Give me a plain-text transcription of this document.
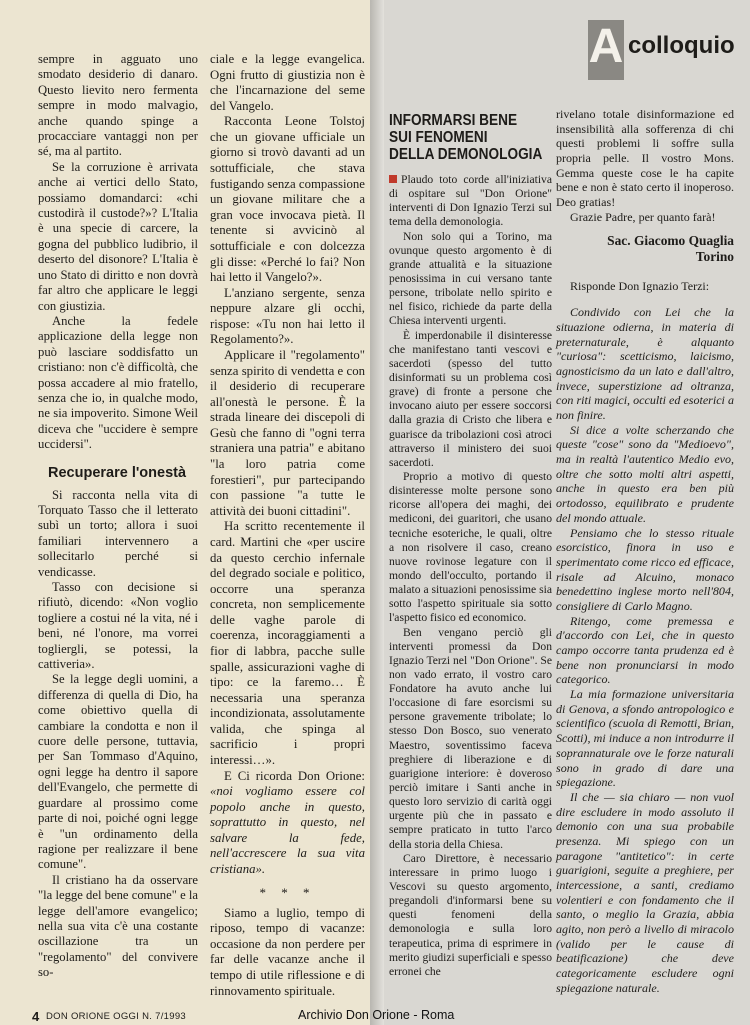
A colloquio

sempre in agguato uno smodato desiderio di danaro. Questo lievito nero fermenta sempre in modo malvagio, anche quando spinge a procacciare vantaggi non per sé, ma al partito.

Se la corruzione è arrivata anche ai vertici dello Stato, possiamo domandarci: «chi custodirà il custode?»? L'Italia è una specie di carcere, la gogna del pubblico ludibrio, il deserto del disonore? L'Italia è uno Stato di diritto e non dovrà far altro che applicare le leggi con giustizia.

Anche la fedele applicazione della legge non può lasciare soddisfatto un cristiano: non c'è difficoltà, che possa accadere al mio fratello, senza che io, in qualche modo, ne sia impoverito. Simone Weil diceva che "uccidere è sempre uccidersi".

Recuperare l'onestà

Si racconta nella vita di Torquato Tasso che il letterato subì un torto; allora i suoi familiari intervennero a sollecitarlo perché si vendicasse.

Tasso con decisione si rifiutò, dicendo: «Non voglio togliere a costui né la vita, né i beni, né l'onore, ma vorrei togliergli, se potessi, la cattiveria».

Se la legge degli uomini, a differenza di quella di Dio, ha come obiettivo quella di cambiare la condotta e non il cuore delle persone, tuttavia, per San Tommaso d'Aquino, ogni legge ha dentro il sapore dell'Evangelo, che permette di guardare al prossimo come parte di noi, poiché ogni legge è "un ordinamento della ragione per realizzare il bene comune".

Il cristiano ha da osservare "la legge del bene comune" e la legge dell'amore evangelico; nella sua vita c'è una costante oscillazione tra un "regolamento" del convivere so-

ciale e la legge evangelica. Ogni frutto di giustizia non è che l'incarnazione del seme del Vangelo.

Racconta Leone Tolstoj che un giovane ufficiale un giorno si trovò davanti ad un sottufficiale, che stava fustigando senza compassione un giovane militare che a gran voce invocava pietà. Il tenente si avvicinò al sottufficiale e con dolcezza gli disse: «Perché lo fai? Non hai letto il Vangelo?».

L'anziano sergente, senza neppure alzare gli occhi, rispose: «Tu non hai letto il Regolamento?».

Applicare il "regolamento" senza spirito di vendetta e con il desiderio di recuperare all'onestà le persone. È la strada lineare dei discepoli di Gesù che fanno di "ogni terra straniera una patria" e abitano "la loro patria come forestieri", pur partecipando con passione "a tutte le attività dei buoni cittadini".

Ha scritto recentemente il card. Martini che «per uscire da questo cerchio infernale del degrado sociale e politico, occorre una speranza concreta, non semplicemente delle vaghe parole di coerenza, incoraggiamenti a fior di labbra, pacche sulle spalle, assicurazioni vaghe di tipo: ce la faremo… È necessaria una speranza incondizionata, assolutamente valida, che spinga al sacrificio i propri interessi…».

E Ci ricorda Don Orione: «noi vogliamo essere col popolo anche in questo, soprattutto in questo, nel salvare la fede, nell'accrescere la sua vita cristiana».

* * *

Siamo a luglio, tempo di riposo, tempo di vacanze: occasione da non perdere per far delle vacanze anche il tempo di utile riflessione e di rinnovamento spirituale.

INFORMARSI BENE
SUI FENOMENI
DELLA DEMONOLOGIA

Plaudo toto corde all'iniziativa di ospitare sul "Don Orione" interventi di Don Ignazio Terzi sul tema della demonologia.

Non solo qui a Torino, ma ovunque questo argomento è di grande attualità e la situazione penosissima in cui versano tante persone, tribolate nello spirito e nel fisico, richiede da parte della Chiesa interventi urgenti.

È imperdonabile il disinteresse che manifestano tanti vescovi e sacerdoti (spesso del tutto disinformati su un problema così grave) di fronte a persone che invocano aiuto per essere soccorsi dalla grazia di Cristo che libera e guarisce da tribolazioni così atroci attraverso il ministero dei suoi sacerdoti.

Proprio a motivo di questo disinteresse molte persone sono ricorse all'opera dei maghi, dei mediconi, dei guaritori, che usano tecniche esoteriche, le quali, oltre a non risolvere il caso, creano nuove rovinose legature con il mondo dell'occulto, portando il malato a situazioni penosissime sia sotto l'aspetto spirituale sia sotto l'aspetto fisico ed economico.

Ben vengano perciò gli interventi promessi da Don Ignazio Terzi nel "Don Orione". Se non vado errato, il vostro caro Fondatore ha avuto anche lui l'occasione di fare esorcismi su persone gravemente tribolate; lo stesso Don Bosco, suo venerato Maestro, soventissimo faceva preghiere di liberazione e di guarigione interiore: è doveroso perciò imitare i Santi anche in questo loro servizio di carità oggi urgente più che in passato e sempre praticato in tutto l'arco della storia della Chiesa.

Caro Direttore, è necessario interessare in primo luogo i Vescovi su questo argomento, pregandoli d'informarsi bene su questi fenomeni della demonologia e sulla loro terapeutica, prima di esprimere in merito giudizi superficiali e spesso erronei che

rivelano totale disinformazione ed insensibilità alla sofferenza di chi questi problemi li soffre sulla propria pelle. Il vostro Mons. Gemma queste cose le ha capite bene e non è stato certo il inoperoso. Deo gratias!

Grazie Padre, per quanto farà!

Sac. Giacomo Quaglia
Torino

Risponde Don Ignazio Terzi:

Condivido con Lei che la situazione odierna, in materia di preternaturale, è alquanto "curiosa": scetticismo, laicismo, agnosticismo da un lato e dall'altro, invece, superstizione ad oltranza, con riti magici, occulti ed esoterici a non finire.

Si dice a volte scherzando che queste "cose" sono da "Medioevo", ma in realtà l'autentico Medio evo, oltre che sotto molti altri aspetti, anche in questo era ben più ortodosso, equilibrato e prudente del mondo attuale.

Pensiamo che lo stesso rituale esorcistico, finora in uso e sperimentato come ricco ed efficace, risale ad Alcuino, monaco benedettino inglese morto nell'804, consigliere di Carlo Magno.

Ritengo, come premessa e d'accordo con Lei, che in questo campo occorre tanta prudenza ed è bene non pronunciarsi in modo categorico.

La mia formazione universitaria di Genova, a sfondo antropologico e scientifico (scuola di Remotti, Brian, Scotti), mi induce a non introdurre il soprannaturale ove le forze naturali sono in grado di dare una spiegazione.

Il che — sia chiaro — non vuol dire escludere in modo assoluto il demonio con una sua probabile presenza. Mi spiego con un paragone "antitetico": in certe guarigioni, seguite a preghiere, per intercessione, a santi, crediamo volentieri e con fondamento che il santo, o meglio la Grazia, abbia agito, non però a livello di miracolo (valido per le cause di beatificazione) che deve categoricamente escludere ogni spiegazione naturale.

4 DON ORIONE OGGI N. 7/1993	Archivio Don Orione - Roma
